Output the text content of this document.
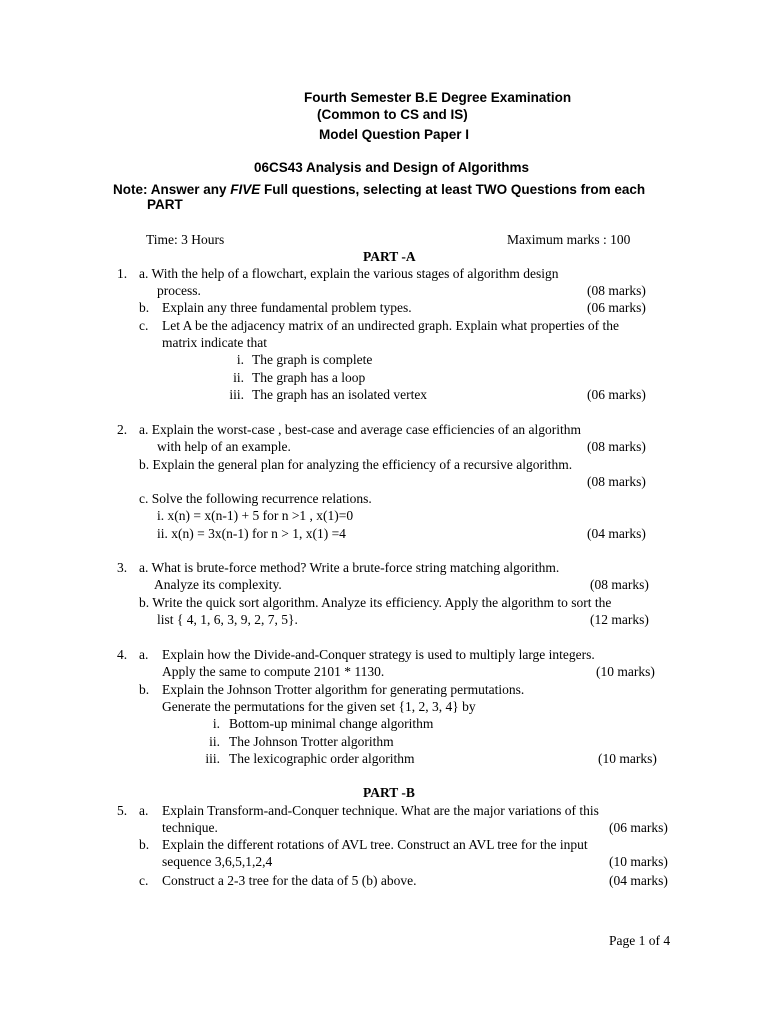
Fourth Semester B.E Degree Examination
(Common to CS and IS)
Model Question Paper I
06CS43 Analysis and Design of Algorithms
Note: Answer any FIVE Full questions, selecting at least TWO Questions from each
PART
Time: 3 Hours	Maximum marks : 100
PART -A
1. a. With the help of a flowchart, explain the various stages of algorithm design
process.	(08 marks)
b. Explain any three fundamental problem types.	(06 marks)
c. Let A be the adjacency matrix of an undirected graph. Explain what properties of the
matrix indicate that
i. The graph is complete
ii. The graph has a loop
iii. The graph has an isolated vertex	(06 marks)
2. a. Explain the worst-case , best-case and average case efficiencies of an algorithm
with help of an example.	(08 marks)
b. Explain the general plan for analyzing the efficiency of a recursive algorithm.
(08 marks)
c. Solve the following recurrence relations.
i. x(n) = x(n-1) + 5 for n >1 , x(1)=0
ii. x(n) = 3x(n-1) for n > 1, x(1) =4	(04 marks)
3. a. What is brute-force method? Write a brute-force string matching algorithm.
Analyze its complexity.	(08 marks)
b. Write the quick sort algorithm. Analyze its efficiency. Apply the algorithm to sort the
list { 4, 1, 6, 3, 9, 2, 7, 5}.	(12 marks)
4. a. Explain how the Divide-and-Conquer strategy is used to multiply large integers.
Apply the same to compute 2101 * 1130.	(10 marks)
b. Explain the Johnson Trotter algorithm for generating permutations.
Generate the permutations for the given set {1, 2, 3, 4} by
i. Bottom-up minimal change algorithm
ii. The Johnson Trotter algorithm
iii. The lexicographic order algorithm	(10 marks)
PART -B
5. a. Explain Transform-and-Conquer technique. What are the major variations of this
technique.	(06 marks)
b. Explain the different rotations of AVL tree. Construct an AVL tree for the input
sequence 3,6,5,1,2,4	(10 marks)
c. Construct a 2-3 tree for the data of 5 (b) above.	(04 marks)
Page 1 of 4
